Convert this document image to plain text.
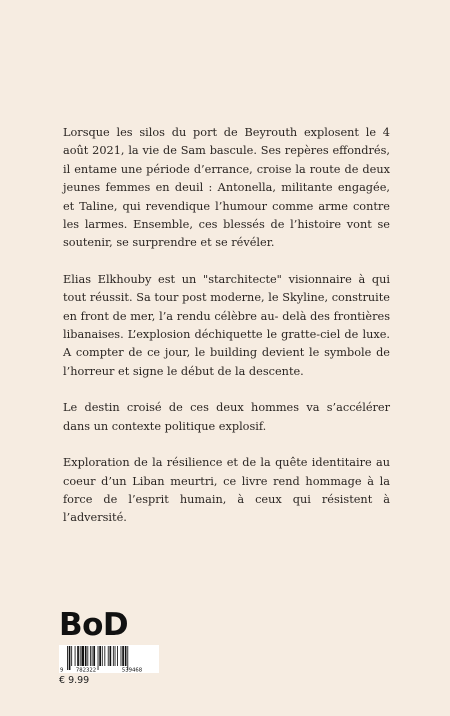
Lorsque les silos du port de Beyrouth explosent le 4 août 2021, la vie de Sam bascule. Ses repères effondrés, il entame une période d’errance, croise la route de deux jeunes femmes en deuil : Antonella, militante engagée, et Taline, qui revendique l’humour comme arme contre les larmes. Ensemble, ces blessés de l’histoire vont se soutenir, se surprendre et se révéler.

Elias Elkhouby est un "starchitecte" visionnaire à qui tout réussit. Sa tour post moderne, le Skyline, construite en front de mer, l’a rendu célèbre au- delà des frontières libanaises. L’explosion déchiquette le gratte-ciel de luxe. A compter de ce jour, le building devient le symbole de l’horreur et signe le début de la descente.

Le destin croisé de ces deux hommes va s’accélérer dans un contexte politique explosif.

Exploration de la résilience et de la quête identitaire au coeur d’un Liban meurtri, ce livre rend hommage à la force de l’esprit humain, à ceux qui résistent à l’adversité.

BoD
9 782322	539468
€ 9.99
